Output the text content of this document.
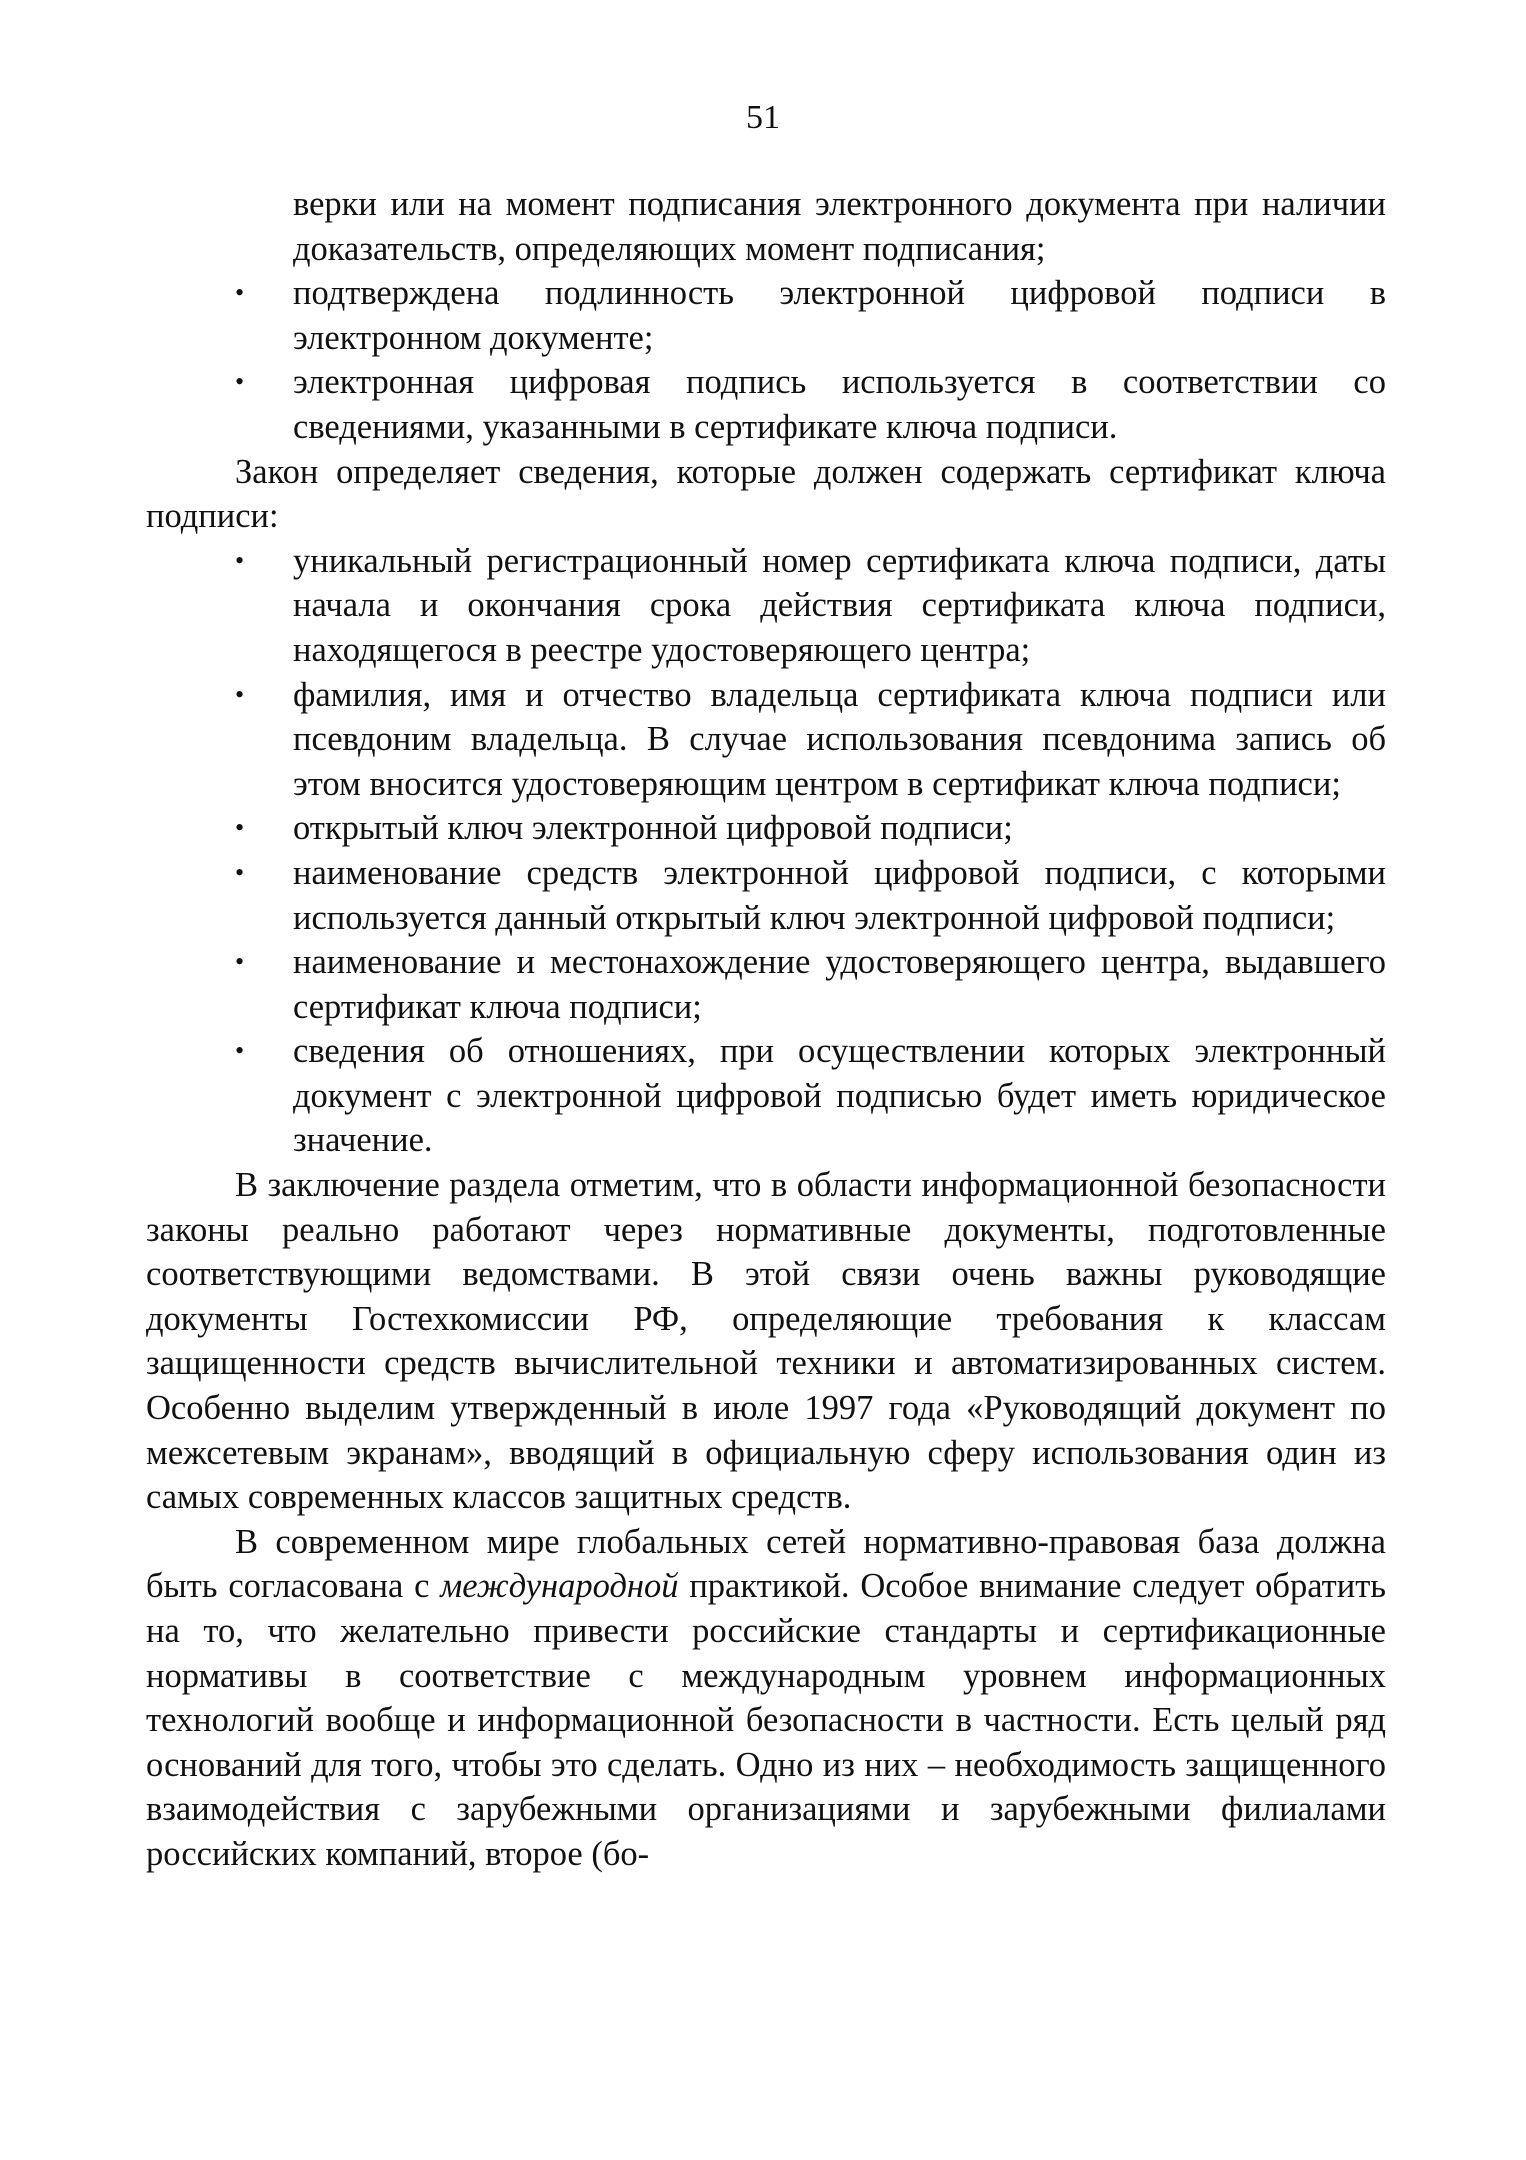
51
верки или на момент подписания электронного документа при наличии доказательств, определяющих момент подписания;
• подтверждена подлинность электронной цифровой подписи в электронном документе;
• электронная цифровая подпись используется в соответствии со сведениями, указанными в сертификате ключа подписи.

Закон определяет сведения, которые должен содержать сертификат ключа подписи:

• уникальный регистрационный номер сертификата ключа подписи, даты начала и окончания срока действия сертификата ключа подписи, находящегося в реестре удостоверяющего центра;
• фамилия, имя и отчество владельца сертификата ключа подписи или псевдоним владельца. В случае использования псевдонима запись об этом вносится удостоверяющим центром в сертификат ключа подписи;
• открытый ключ электронной цифровой подписи;
• наименование средств электронной цифровой подписи, с которыми используется данный открытый ключ электронной цифровой подписи;
• наименование и местонахождение удостоверяющего центра, выдавшего сертификат ключа подписи;
• сведения об отношениях, при осуществлении которых электронный документ с электронной цифровой подписью будет иметь юридическое значение.

В заключение раздела отметим, что в области информационной безопасности законы реально работают через нормативные документы, подготовленные соответствующими ведомствами. В этой связи очень важны руководящие документы Гостехкомиссии РФ, определяющие требования к классам защищенности средств вычислительной техники и автоматизированных систем. Особенно выделим утвержденный в июле 1997 года «Руководящий документ по межсетевым экранам», вводящий в официальную сферу использования один из самых современных классов защитных средств.

В современном мире глобальных сетей нормативно-правовая база должна быть согласована с международной практикой. Особое внимание следует обратить на то, что желательно привести российские стандарты и сертификационные нормативы в соответствие с международным уровнем информационных технологий вообще и информационной безопасности в частности. Есть целый ряд оснований для того, чтобы это сделать. Одно из них – необходимость защищенного взаимодействия с зарубежными организациями и зарубежными филиалами российских компаний, второе (бо-
